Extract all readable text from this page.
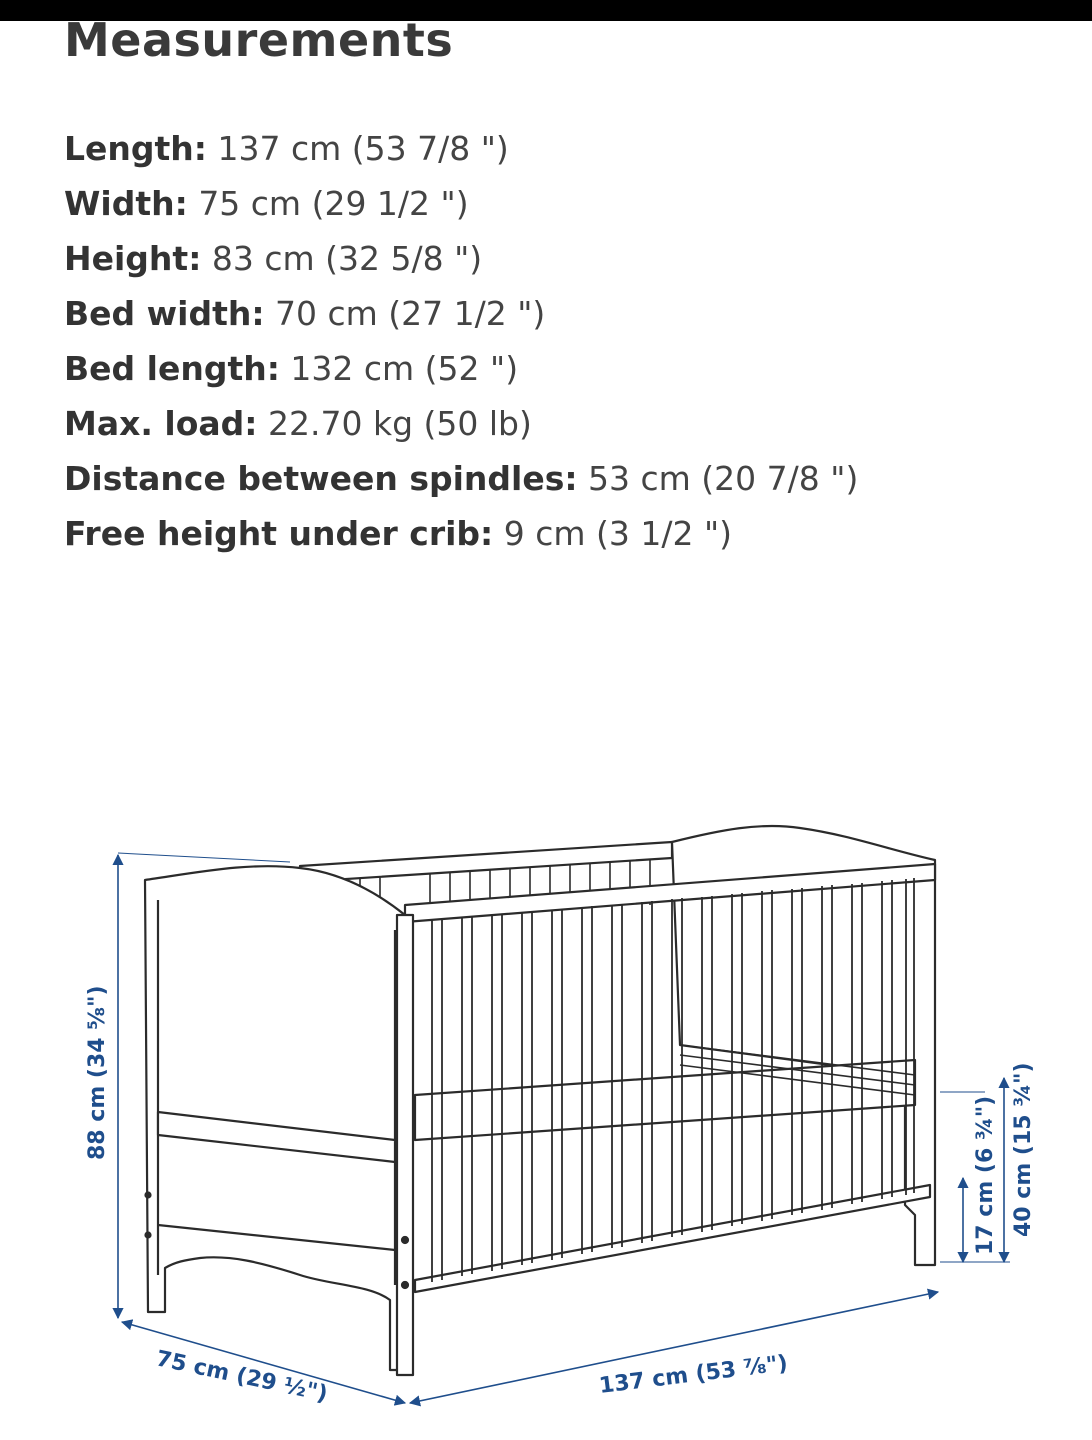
Measurements
Length: 137 cm (53 7/8 ")
Width: 75 cm (29 1/2 ")
Height: 83 cm (32 5/8 ")
Bed width: 70 cm (27 1/2 ")
Bed length: 132 cm (52 ")
Max. load: 22.70 kg (50 lb)
Distance between spindles: 53 cm (20 7/8 ")
Free height under crib: 9 cm (3 1/2 ")
88 cm (34 ⅝")
75 cm (29 ½")	137 cm (53 ⅞")
17 cm (6 ¾") 40 cm (15 ¾")
